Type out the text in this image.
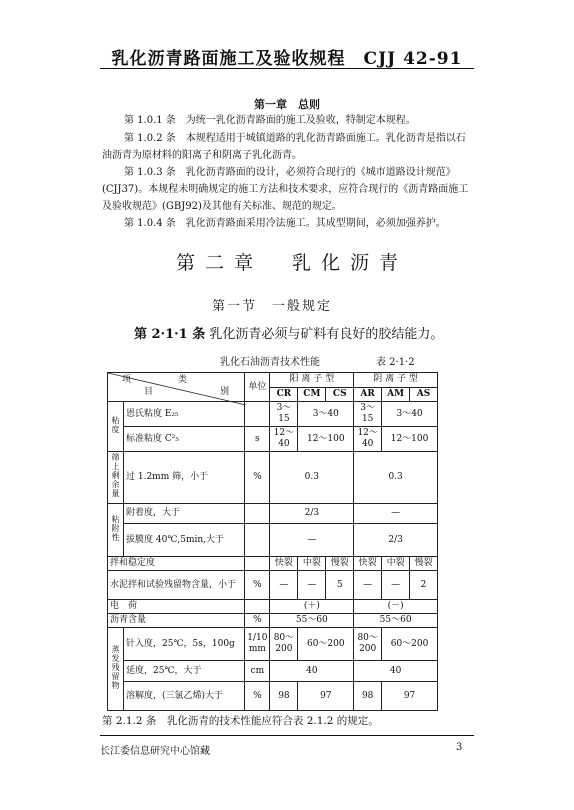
乳化沥青路面施工及验收规程　CJJ 42-91
第一章　总则

第 1.0.1 条　为统一乳化沥青路面的施工及验收，特制定本规程。

第 1.0.2 条　本规程适用于城镇道路的乳化沥青路面施工。乳化沥青是指以石油沥青为原材料的阳离子和阴离子乳化沥青。

第 1.0.3 条　乳化沥青路面的设计，必须符合现行的《城市道路设计规范》(CJJ37)。本规程未明确规定的施工方法和技术要求，应符合现行的《沥青路面施工及验收规范》(GBJ92)及其他有关标准、规范的规定。

第 1.0.4 条　乳化沥青路面采用冷法施工。其成型期间，必须加强养护。

第二章　乳化沥青
第一节　一般规定
第 2·1·1 条 乳化沥青必须与矿料有良好的胶结能力。
乳化石油沥青技术性能	表 2·1·2
项 类
目 别		单位	阳 离 子 型			阴 离 子 型		
			CR	CM	CS	AR	AM	AS
粘度	恩氏粘度 E₂₅		3～15	3～40		3～15	3～40	
	标准粘度 C²₅	s	12～40	12～100		12～40	12～100	
筛上剩余量	过 1.2mm 筛，小于	%	0.3			0.3		
粘附性	附着度，大于		2/3			—		
	拔膜度 40℃,5min,大于		—			2/3		
拌和稳定度			快裂	中裂	慢裂	快裂	中裂	慢裂
水泥拌和试验残留物含量，小于		%	—	—	5	—	—	2
电　荷			(＋)			(－)		
沥青含量		%	55～60			55～60		
蒸发残留物	针入度，25℃，5s，100g	1/10 mm	80～200	60～200		80～200	60～200	
	延度，25℃，大于	cm	40			40		
	溶解度，(三氯乙烯)大于	%	98	97		98	97	
第 2.1.2 条　乳化沥青的技术性能应符合表 2.1.2 的规定。
长江委信息研究中心馆藏	3
